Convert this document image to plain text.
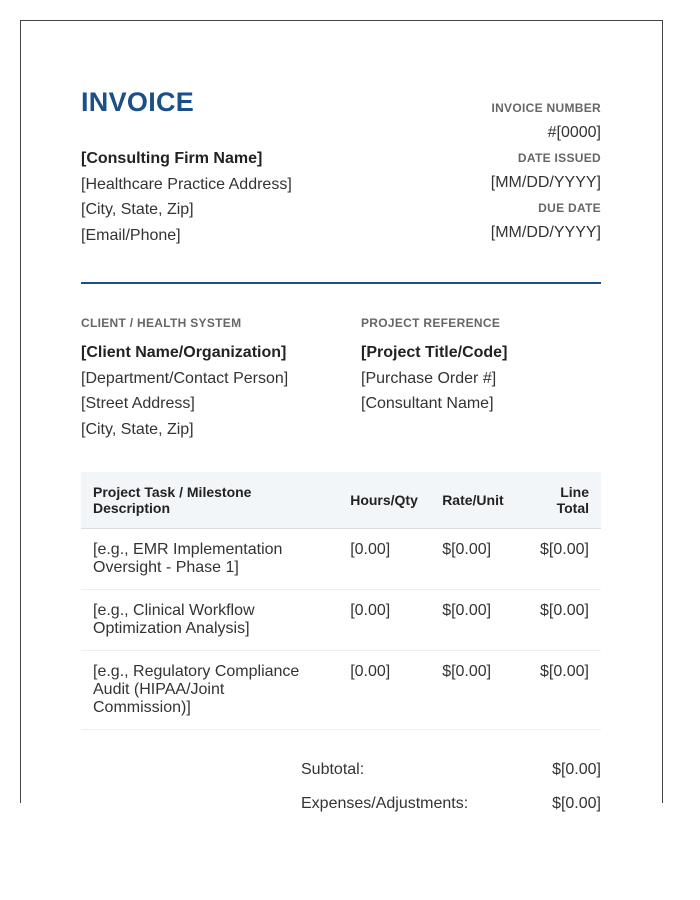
INVOICE
[Consulting Firm Name]
[Healthcare Practice Address]
[City, State, Zip]
[Email/Phone]
INVOICE NUMBER
#[0000]
DATE ISSUED
[MM/DD/YYYY]
DUE DATE
[MM/DD/YYYY]
CLIENT / HEALTH SYSTEM
[Client Name/Organization]
[Department/Contact Person]
[Street Address]
[City, State, Zip]
PROJECT REFERENCE
[Project Title/Code]
[Purchase Order #]
[Consultant Name]
Project Task / Milestone Description	Hours/Qty	Rate/Unit	Line Total
[e.g., EMR Implementation Oversight - Phase 1]	[0.00]	$[0.00]	$[0.00]
[e.g., Clinical Workflow Optimization Analysis]	[0.00]	$[0.00]	$[0.00]
[e.g., Regulatory Compliance Audit (HIPAA/Joint Commission)]	[0.00]	$[0.00]	$[0.00]
Subtotal:	$[0.00]
Expenses/Adjustments:	$[0.00]
